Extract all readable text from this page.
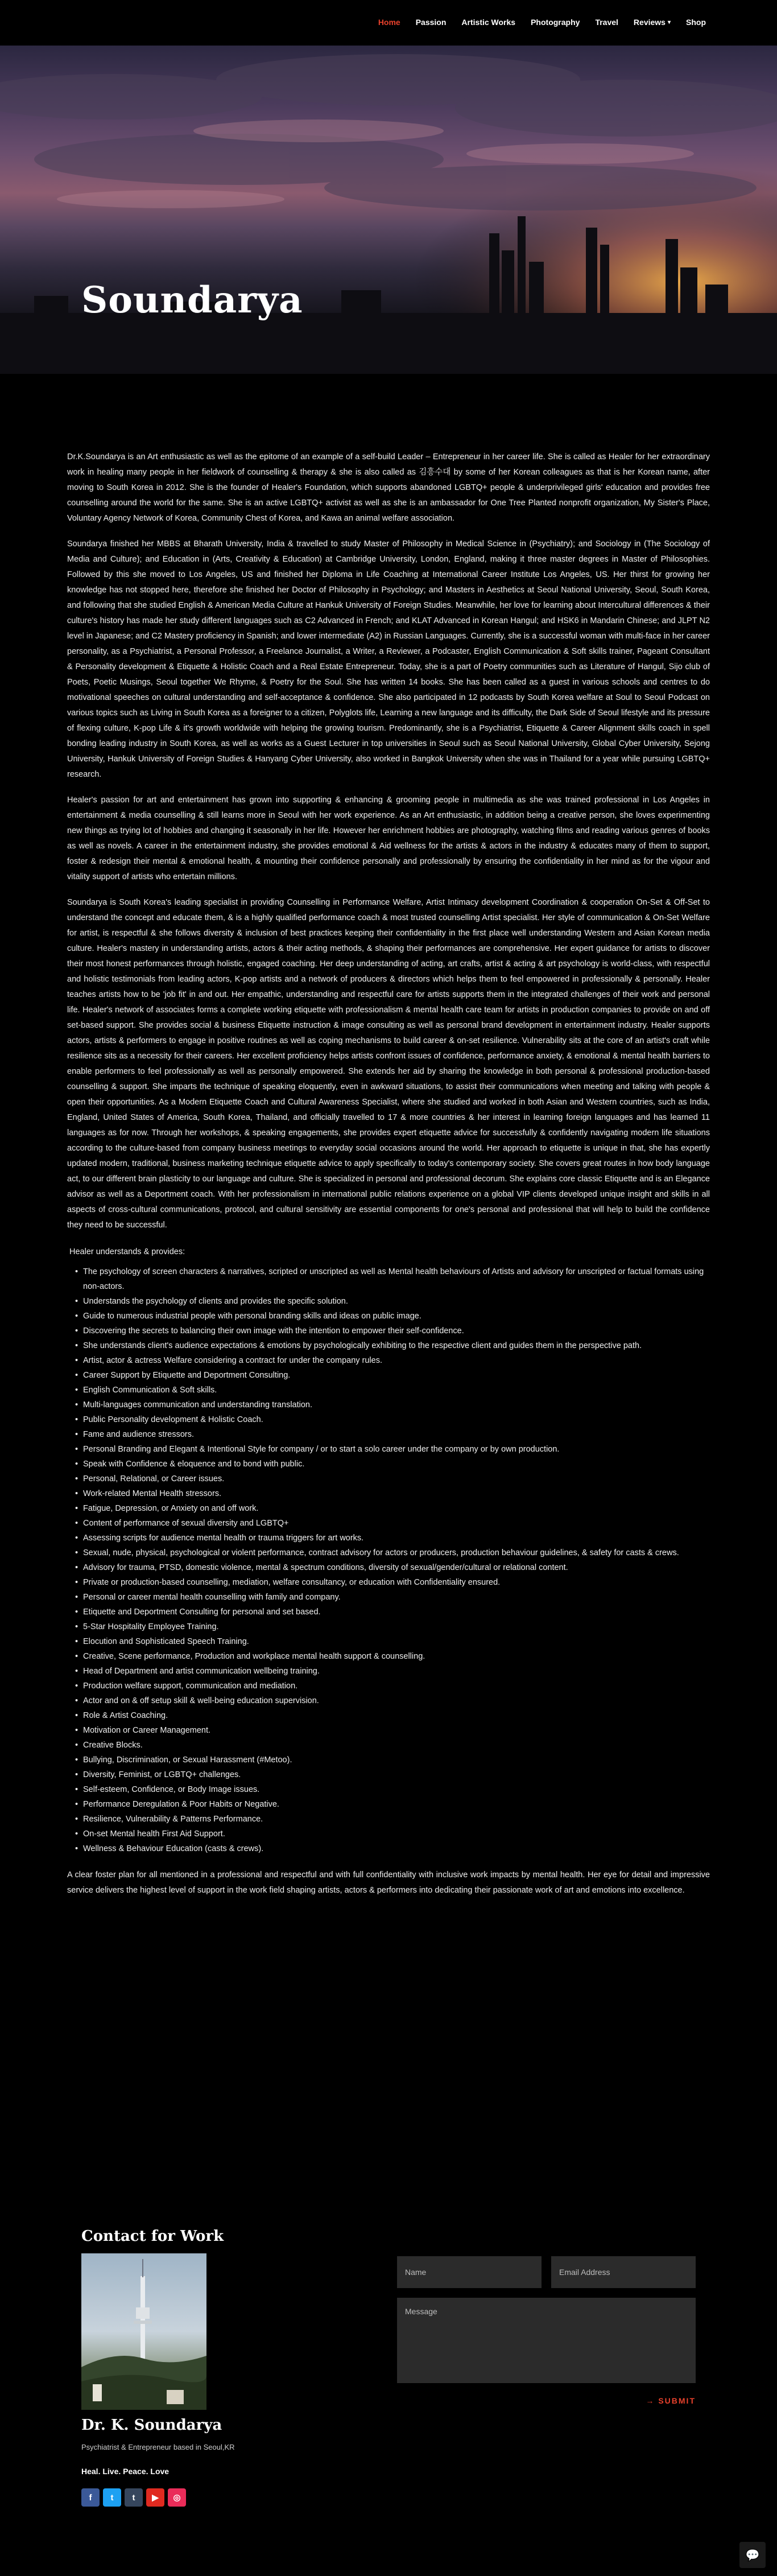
Home Passion Artistic Works Photography Travel Reviews ▾ Shop
Soundarya

Dr.K.Soundarya is an Art enthusiastic as well as the epitome of an example of a self-build Leader – Entrepreneur in her career life. She is called as Healer for her extraordinary work in healing many people in her fieldwork of counselling & therapy & she is also called as 김흥수대 by some of her Korean colleagues as that is her Korean name, after moving to South Korea in 2012. She is the founder of Healer's Foundation, which supports abandoned LGBTQ+ people & underprivileged girls' education and provides free counselling around the world for the same. She is an active LGBTQ+ activist as well as she is an ambassador for One Tree Planted nonprofit organization, My Sister's Place, Voluntary Agency Network of Korea, Community Chest of Korea, and Kawa an animal welfare association.

Soundarya finished her MBBS at Bharath University, India & travelled to study Master of Philosophy in Medical Science in (Psychiatry); and Sociology in (The Sociology of Media and Culture); and Education in (Arts, Creativity & Education) at Cambridge University, London, England, making it three master degrees in Master of Philosophies. Followed by this she moved to Los Angeles, US and finished her Diploma in Life Coaching at International Career Institute Los Angeles, US. Her thirst for growing her knowledge has not stopped here, therefore she finished her Doctor of Philosophy in Psychology; and Masters in Aesthetics at Seoul National University, Seoul, South Korea, and following that she studied English & American Media Culture at Hankuk University of Foreign Studies. Meanwhile, her love for learning about Intercultural differences & their culture's history has made her study different languages such as C2 Advanced in French; and KLAT Advanced in Korean Hangul; and HSK6 in Mandarin Chinese; and JLPT N2 level in Japanese; and C2 Mastery proficiency in Spanish; and lower intermediate (A2) in Russian Languages. Currently, she is a successful woman with multi-face in her career personality, as a Psychiatrist, a Personal Professor, a Freelance Journalist, a Writer, a Reviewer, a Podcaster, English Communication & Soft skills trainer, Pageant Consultant & Personality development & Etiquette & Holistic Coach and a Real Estate Entrepreneur. Today, she is a part of Poetry communities such as Literature of Hangul, Sijo club of Poets, Poetic Musings, Seoul together We Rhyme, & Poetry for the Soul. She has written 14 books. She has been called as a guest in various schools and centres to do motivational speeches on cultural understanding and self-acceptance & confidence. She also participated in 12 podcasts by South Korea welfare at Soul to Seoul Podcast on various topics such as Living in South Korea as a foreigner to a citizen, Polyglots life, Learning a new language and its difficulty, the Dark Side of Seoul lifestyle and its pressure of flexing culture, K-pop Life & it's growth worldwide with helping the growing tourism. Predominantly, she is a Psychiatrist, Etiquette & Career Alignment skills coach in spell bonding leading industry in South Korea, as well as works as a Guest Lecturer in top universities in Seoul such as Seoul National University, Global Cyber University, Sejong University, Hankuk University of Foreign Studies & Hanyang Cyber University, also worked in Bangkok University when she was in Thailand for a year while pursuing LGBTQ+ research.

Healer's passion for art and entertainment has grown into supporting & enhancing & grooming people in multimedia as she was trained professional in Los Angeles in entertainment & media counselling & still learns more in Seoul with her work experience. As an Art enthusiastic, in addition being a creative person, she loves experimenting new things as trying lot of hobbies and changing it seasonally in her life. However her enrichment hobbies are photography, watching films and reading various genres of books as well as novels. A career in the entertainment industry, she provides emotional & Aid wellness for the artists & actors in the industry & educates many of them to support, foster & redesign their mental & emotional health, & mounting their confidence personally and professionally by ensuring the confidentiality in her mind as for the vigour and vitality support of artists who entertain millions.

Soundarya is South Korea's leading specialist in providing Counselling in Performance Welfare, Artist Intimacy development Coordination & cooperation On-Set & Off-Set to understand the concept and educate them, & is a highly qualified performance coach & most trusted counselling Artist specialist. Her style of communication & On-Set Welfare for artist, is respectful & she follows diversity & inclusion of best practices keeping their confidentiality in the first place well understanding Western and Asian Korean media culture. Healer's mastery in understanding artists, actors & their acting methods, & shaping their performances are comprehensive. Her expert guidance for artists to discover their most honest performances through holistic, engaged coaching. Her deep understanding of acting, art crafts, artist & acting & art psychology is world-class, with respectful and holistic testimonials from leading actors, K-pop artists and a network of producers & directors which helps them to feel empowered in professionally & personally. Healer teaches artists how to be 'job fit' in and out. Her empathic, understanding and respectful care for artists supports them in the integrated challenges of their work and personal life. Healer's network of associates forms a complete working etiquette with professionalism & mental health care team for artists in production companies to provide on and off set-based support. She provides social & business Etiquette instruction & image consulting as well as personal brand development in entertainment industry. Healer supports actors, artists & performers to engage in positive routines as well as coping mechanisms to build career & on-set resilience. Vulnerability sits at the core of an artist's craft while resilience sits as a necessity for their careers. Her excellent proficiency helps artists confront issues of confidence, performance anxiety, & emotional & mental health barriers to enable performers to feel professionally as well as personally empowered. She extends her aid by sharing the knowledge in both personal & professional production-based counselling & support. She imparts the technique of speaking eloquently, even in awkward situations, to assist their communications when meeting and talking with people & open their opportunities. As a Modern Etiquette Coach and Cultural Awareness Specialist, where she studied and worked in both Asian and Western countries, such as India, England, United States of America, South Korea, Thailand, and officially travelled to 17 & more countries & her interest in learning foreign languages and has learned 11 languages as for now. Through her workshops, & speaking engagements, she provides expert etiquette advice for successfully & confidently navigating modern life situations according to the culture-based from company business meetings to everyday social occasions around the world. Her approach to etiquette is unique in that, she has expertly updated modern, traditional, business marketing technique etiquette advice to apply specifically to today's contemporary society. She covers great routes in how body language act, to our different brain plasticity to our language and culture. She is specialized in personal and professional decorum. She explains core classic Etiquette and is an Elegance advisor as well as a Deportment coach. With her professionalism in international public relations experience on a global VIP clients developed unique insight and skills in all aspects of cross-cultural communications, protocol, and cultural sensitivity are essential components for one's personal and professional that will help to build the confidence they need to be successful.

Healer understands & provides:
• The psychology of screen characters & narratives, scripted or unscripted as well as Mental health behaviours of Artists and advisory for unscripted or factual formats using non-actors.
• Understands the psychology of clients and provides the specific solution.
• Guide to numerous industrial people with personal branding skills and ideas on public image.
• Discovering the secrets to balancing their own image with the intention to empower their self-confidence.
• She understands client's audience expectations & emotions by psychologically exhibiting to the respective client and guides them in the perspective path.
• Artist, actor & actress Welfare considering a contract for under the company rules.
• Career Support by Etiquette and Deportment Consulting.
• English Communication & Soft skills.
• Multi-languages communication and understanding translation.
• Public Personality development & Holistic Coach.
• Fame and audience stressors.
• Personal Branding and Elegant & Intentional Style for company / or to start a solo career under the company or by own production.
• Speak with Confidence & eloquence and to bond with public.
• Personal, Relational, or Career issues.
• Work-related Mental Health stressors.
• Fatigue, Depression, or Anxiety on and off work.
• Content of performance of sexual diversity and LGBTQ+
• Assessing scripts for audience mental health or trauma triggers for art works.
• Sexual, nude, physical, psychological or violent performance, contract advisory for actors or producers, production behaviour guidelines, & safety for casts & crews.
• Advisory for trauma, PTSD, domestic violence, mental & spectrum conditions, diversity of sexual/gender/cultural or relational content.
• Private or production-based counselling, mediation, welfare consultancy, or education with Confidentiality ensured.
• Personal or career mental health counselling with family and company.
• Etiquette and Deportment Consulting for personal and set based.
• 5-Star Hospitality Employee Training.
• Elocution and Sophisticated Speech Training.
• Creative, Scene performance, Production and workplace mental health support & counselling.
• Head of Department and artist communication wellbeing training.
• Production welfare support, communication and mediation.
• Actor and on & off setup skill & well-being education supervision.
• Role & Artist Coaching.
• Motivation or Career Management.
• Creative Blocks.
• Bullying, Discrimination, or Sexual Harassment (#Metoo).
• Diversity, Feminist, or LGBTQ+ challenges.
• Self-esteem, Confidence, or Body Image issues.
• Performance Deregulation & Poor Habits or Negative.
• Resilience, Vulnerability & Patterns Performance.
• On-set Mental health First Aid Support.
• Wellness & Behaviour Education (casts & crews).

A clear foster plan for all mentioned in a professional and respectful and with full confidentiality with inclusive work impacts by mental health. Her eye for detail and impressive service delivers the highest level of support in the work field shaping artists, actors & performers into dedicating their passionate work of art and emotions into excellence.

Contact for Work
Dr. K. Soundarya
Psychiatrist & Entrepreneur based in Seoul,KR
Heal. Live. Peace. Love
f	t	t	▶	◎
Name	Email Address
Message
→ SUBMIT
💬
